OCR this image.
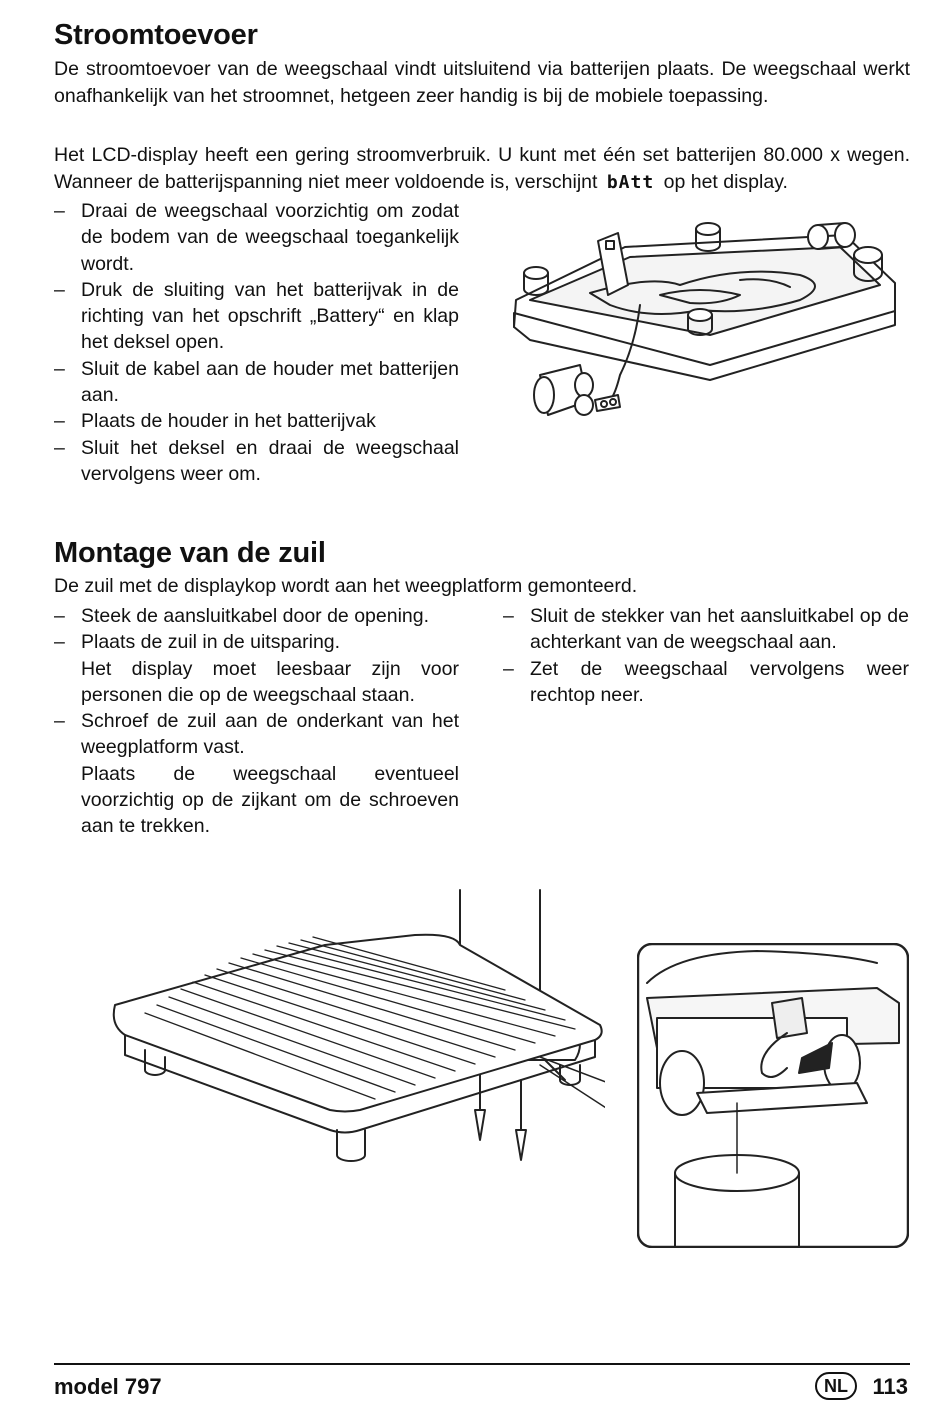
Stroomtoevoer

De stroomtoevoer van de weegschaal vindt uitsluitend via batterijen plaats. De weegschaal werkt onafhankelijk van het stroomnet, hetgeen zeer handig is bij de mobiele toepassing.

Het LCD-display heeft een gering stroomverbruik. U kunt met één set batterijen 80.000 x wegen. Wanneer de batterijspanning niet meer voldoende is, verschijnt bAtt op het display.

– Draai de weegschaal voorzichtig om zodat de bodem van de weegschaal toegankelijk wordt.
– Druk de sluiting van het batterijvak in de richting van het opschrift „Battery“ en klap het deksel open.
– Sluit de kabel aan de houder met batterijen aan.
– Plaats de houder in het batterijvak
– Sluit het deksel en draai de weegschaal vervolgens weer om.
Montage van de zuil

De zuil met de displaykop wordt aan het weegplatform gemonteerd.

– Steek de aansluitkabel door de opening.
– Plaats de zuil in de uitsparing.
Het display moet leesbaar zijn voor personen die op de weegschaal staan.
– Schroef de zuil aan de onderkant van het weegplatform vast.
Plaats de weegschaal eventueel voorzichtig op de zijkant om de schroeven aan te trekken.
– Sluit de stekker van het aansluitkabel op de achterkant van de weegschaal aan.
– Zet de weegschaal vervolgens weer rechtop neer.
model 797	NL	113
